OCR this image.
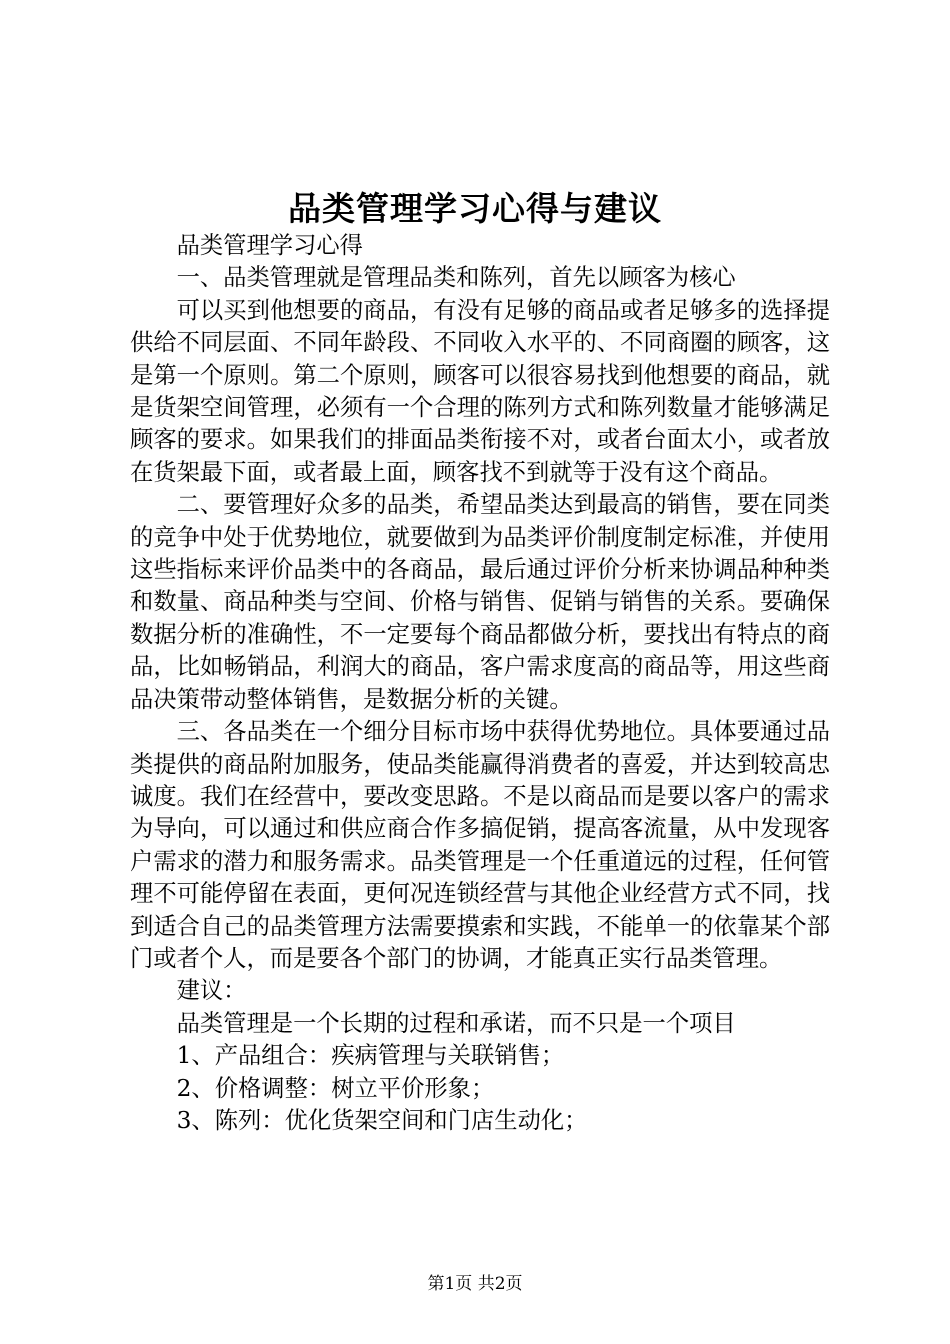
品类管理学习心得与建议

品类管理学习心得

一、品类管理就是管理品类和陈列，首先以顾客为核心

可以买到他想要的商品，有没有足够的商品或者足够多的选择提供给不同层面、不同年龄段、不同收入水平的、不同商圈的顾客，这是第一个原则。第二个原则，顾客可以很容易找到他想要的商品，就是货架空间管理，必须有一个合理的陈列方式和陈列数量才能够满足顾客的要求。如果我们的排面品类衔接不对，或者台面太小，或者放在货架最下面，或者最上面，顾客找不到就等于没有这个商品。

二、要管理好众多的品类，希望品类达到最高的销售，要在同类的竞争中处于优势地位，就要做到为品类评价制度制定标准，并使用这些指标来评价品类中的各商品，最后通过评价分析来协调品种种类和数量、商品种类与空间、价格与销售、促销与销售的关系。要确保数据分析的准确性，不一定要每个商品都做分析，要找出有特点的商品，比如畅销品，利润大的商品，客户需求度高的商品等，用这些商品决策带动整体销售，是数据分析的关键。

三、各品类在一个细分目标市场中获得优势地位。具体要通过品类提供的商品附加服务，使品类能赢得消费者的喜爱，并达到较高忠诚度。我们在经营中，要改变思路。不是以商品而是要以客户的需求为导向，可以通过和供应商合作多搞促销，提高客流量，从中发现客户需求的潜力和服务需求。品类管理是一个任重道远的过程，任何管理不可能停留在表面，更何况连锁经营与其他企业经营方式不同，找到适合自己的品类管理方法需要摸索和实践，不能单一的依靠某个部门或者个人，而是要各个部门的协调，才能真正实行品类管理。

建议：

品类管理是一个长期的过程和承诺，而不只是一个项目

1、产品组合：疾病管理与关联销售；

2、价格调整：树立平价形象；

3、陈列：优化货架空间和门店生动化；

第1页 共2页
